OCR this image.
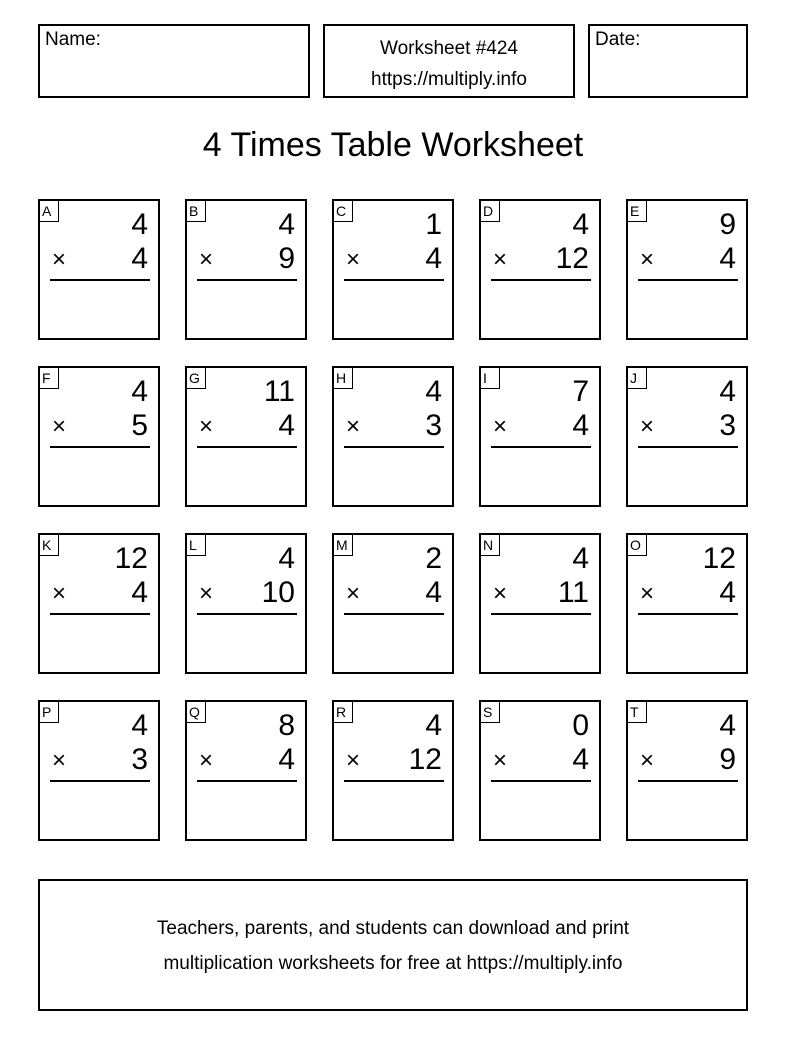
Name:	Worksheet #424
https://multiply.info
Date:
4 Times Table Worksheet
A	4
× 4
B	4
× 9
C	1
× 4
D	4
× 12
E	9
× 4
F	4
× 5
G 11
× 4
H	4
× 3
I	7
× 4
J	4
× 3
K 12
× 4
L	4
× 10
M	2
× 4
N	4
× 11
O 12
× 4
P	4
× 3
Q	8
× 4
R	4
× 12
S	0
× 4
T	4
× 9
Teachers, parents, and students can download and print
multiplication worksheets for free at https://multiply.info
